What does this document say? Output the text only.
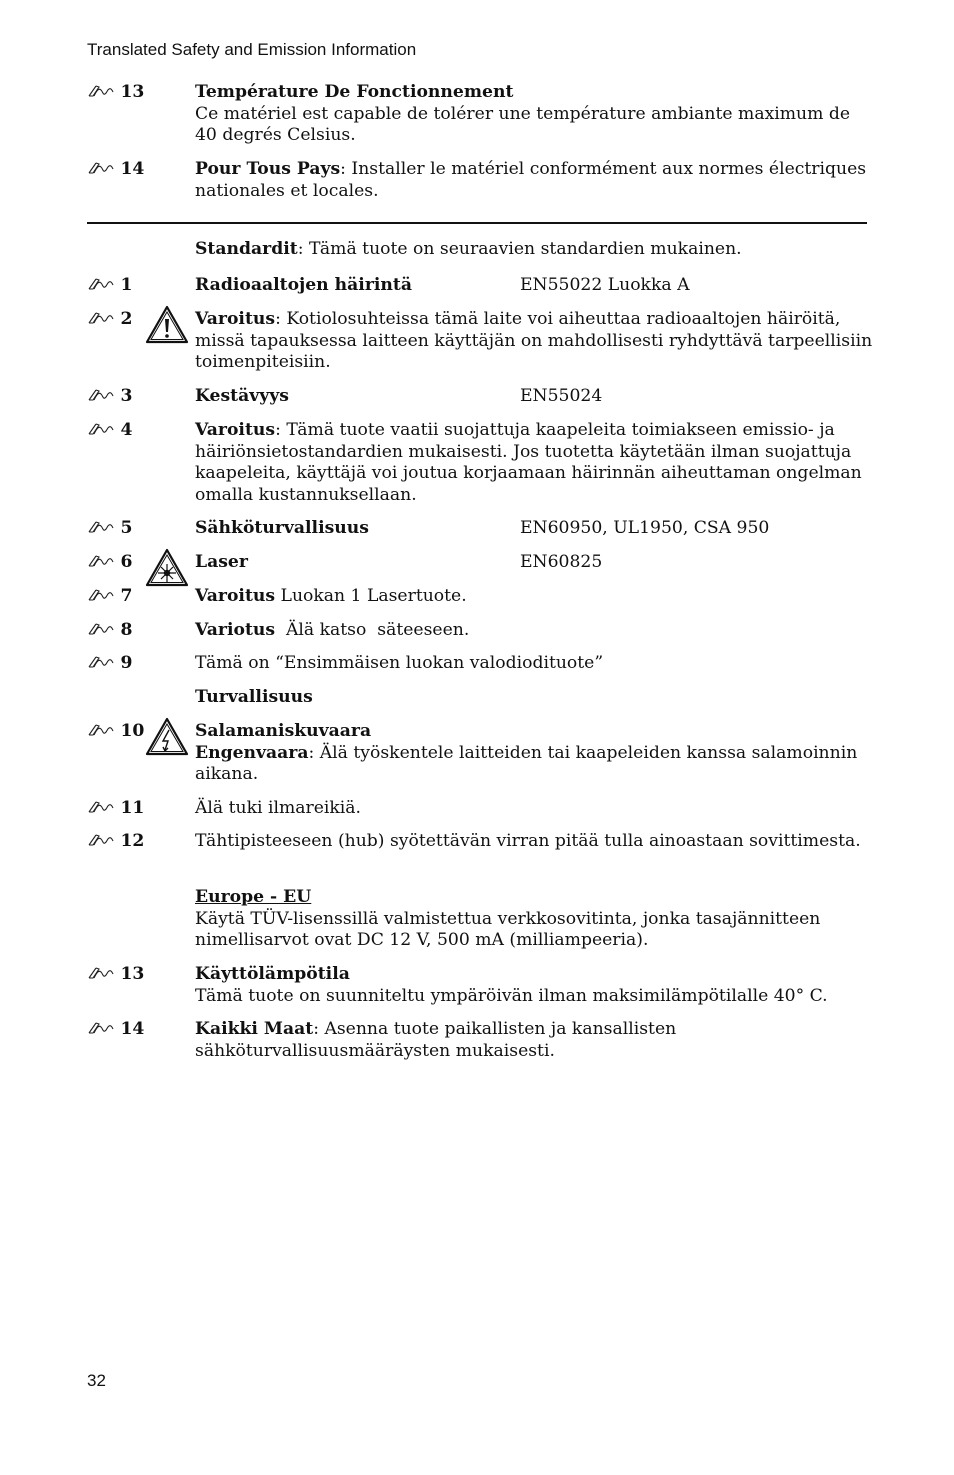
Translated Safety and Emission Information
13	Température De Fonctionnement
Ce matériel est capable de tolérer une température ambiante maximum de 40 degrés Celsius.
14	Pour Tous Pays: Installer le matériel conformément aux normes électriques nationales et locales.
Standardit: Tämä tuote on seuraavien standardien mukainen.
1	Radioaaltojen häirintä	EN55022 Luokka A
2	Varoitus: Kotiolosuhteissa tämä laite voi aiheuttaa radioaaltojen häiröitä, missä tapauksessa laitteen käyttäjän on mahdollisesti ryhdyttävä tarpeellisiin toimenpiteisiin.
3	Kestävyys	EN55024
4	Varoitus: Tämä tuote vaatii suojattuja kaapeleita toimiakseen emissio- ja häiriönsietostandardien mukaisesti. Jos tuotetta käytetään ilman suojattuja kaapeleita, käyttäjä voi joutua korjaamaan häirinnän aiheuttaman ongelman omalla kustannuksellaan.
5	Sähköturvallisuus	EN60950, UL1950, CSA 950
6	Laser	EN60825
7	Varoitus Luokan 1 Lasertuote.
8	Variotus  Älä katso  säteeseen.
9	Tämä on “Ensimmäisen luokan valodiodituote”
Turvallisuus
10	Salamaniskuvaara
Engenvaara: Älä työskentele laitteiden tai kaapeleiden kanssa salamoinnin aikana.
11	Älä tuki ilmareikiä.
12	Tähtipisteeseen (hub) syötettävän virran pitää tulla ainoastaan sovittimesta.
Europe - EU
Käytä TÜV-lisenssillä valmistettua verkkosovitinta, jonka tasajännitteen nimellisarvot ovat DC 12 V, 500 mA (milliampeeria).
13	Käyttölämpötila
Tämä tuote on suunniteltu ympäröivän ilman maksimilämpötilalle 40° C.
14	Kaikki Maat: Asenna tuote paikallisten ja kansallisten sähköturvallisuusmääräysten mukaisesti.
32
